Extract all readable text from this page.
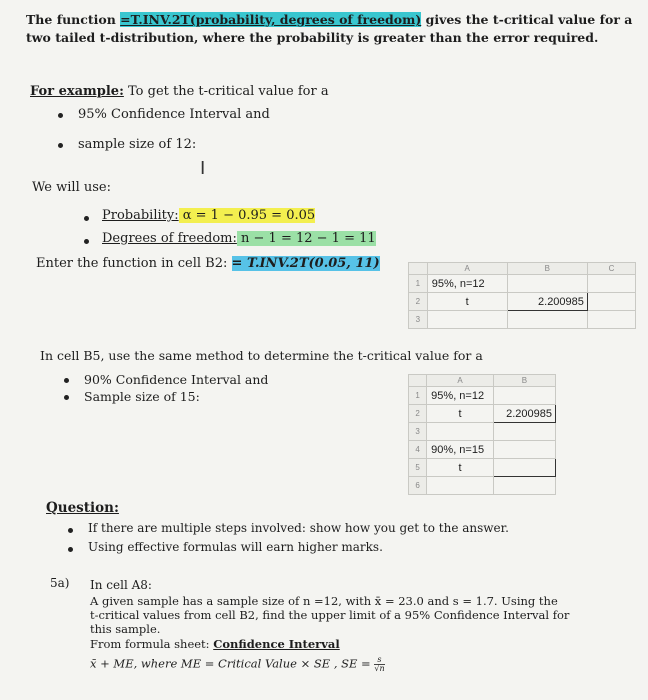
The function =T.INV.2T(probability, degrees of freedom) gives the t-critical value for a
two tailed t-distribution, where the probability is greater than the error required.
For example: To get the t-critical value for a
95% Confidence Interval and
sample size of 12:
I
We will use:
Probability: α = 1 − 0.95 = 0.05
Degrees of freedom: n − 1 = 12 − 1 = 11
Enter the function in cell B2: = T.INV.2T(0.05, 11)
		A	B	C
1	95%, n=12		
2	t	2.200985	
3			
In cell B5, use the same method to determine the t-critical value for a
90% Confidence Interval and
Sample size of 15:
	A	B
1	95%, n=12	
2	t	2.200985
3		
4	90%, n=15	
5	t	
6		
Question:
If there are multiple steps involved: show how you get to the answer.
Using effective formulas will earn higher marks.
5a) In cell A8:
A given sample has a sample size of n =12, with x̄ = 23.0 and s = 1.7. Using the
t-critical values from cell B2, find the upper limit of a 95% Confidence Interval for
this sample.
From formula sheet: Confidence Interval
x̄ + ME, where ME = Critical Value × SE , SE = $\frac{s}{√n}$
